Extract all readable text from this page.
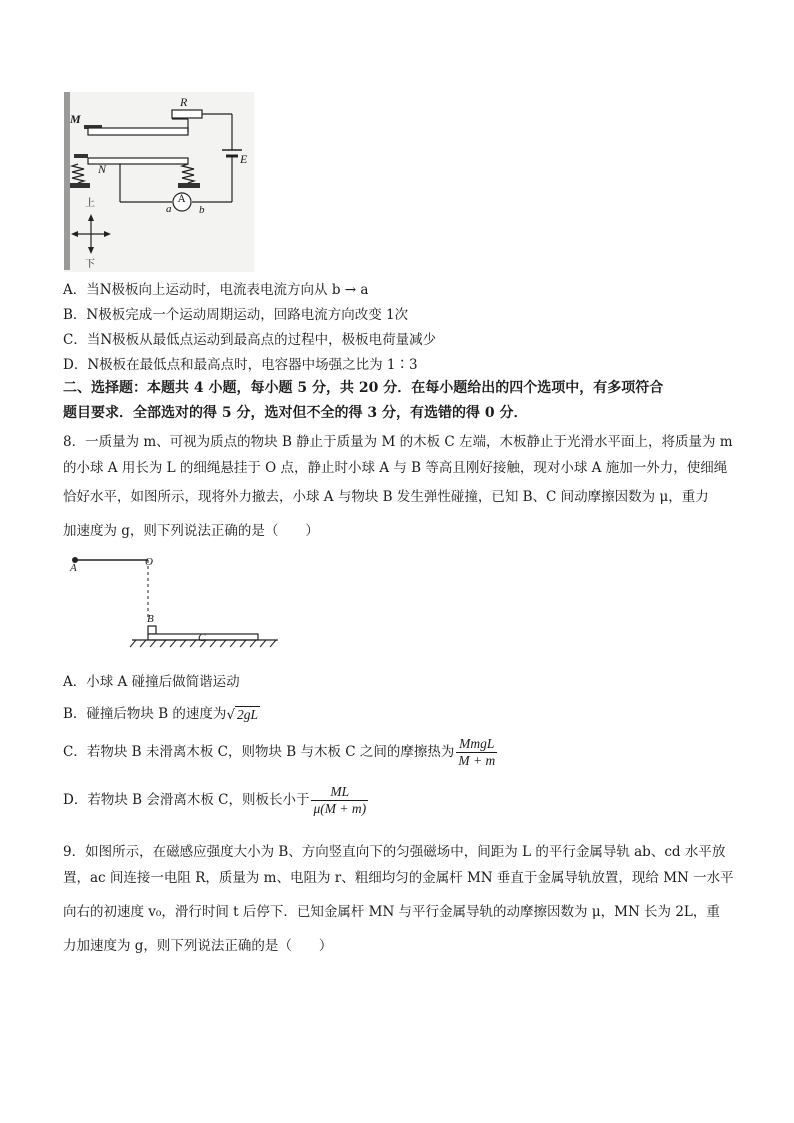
R
M
N
E
A
a	b
上
下
A．当N极板向上运动时，电流表电流方向从 b → a
B．N极板完成一个运动周期运动，回路电流方向改变 1次
C．当N极板从最低点运动到最高点的过程中，极板电荷量减少
D．N极板在最低点和最高点时，电容器中场强之比为 1∶3
二、选择题：本题共 4 小题，每小题 5 分，共 20 分．在每小题给出的四个选项中，有多项符合
题目要求．全部选对的得 5 分，选对但不全的得 3 分，有选错的得 0 分．
8．一质量为 m、可视为质点的物块 B 静止于质量为 M 的木板 C 左端，木板静止于光滑水平面上，将质量为 m
的小球 A 用长为 L 的细绳悬挂于 O 点，静止时小球 A 与 B 等高且刚好接触，现对小球 A 施加一外力，使细绳
恰好水平，如图所示，现将外力撤去，小球 A 与物块 B 发生弹性碰撞，已知 B、C 间动摩擦因数为 μ，重力
加速度为 g，则下列说法正确的是（　　）
A	O
B
C
A．小球 A 碰撞后做简谐运动
B．碰撞后物块 B 的速度为√ 2gL
C．若物块 B 未滑离木板 C，则物块 B 与木板 C 之间的摩擦热为 $\frac{\text{MmgL}}{M + m}$
D．若物块 B 会滑离木板 C，则板长小于 $\frac{ML}{\mu(M + m)}$
9．如图所示，在磁感应强度大小为 B、方向竖直向下的匀强磁场中，间距为 L 的平行金属导轨 ab、cd 水平放
置，ac 间连接一电阻 R，质量为 m、电阻为 r、粗细均匀的金属杆 MN 垂直于金属导轨放置，现给 MN 一水平
向右的初速度 v₀，滑行时间 t 后停下．已知金属杆 MN 与平行金属导轨的动摩擦因数为 μ，MN 长为 2L，重
力加速度为 g，则下列说法正确的是（　　）
